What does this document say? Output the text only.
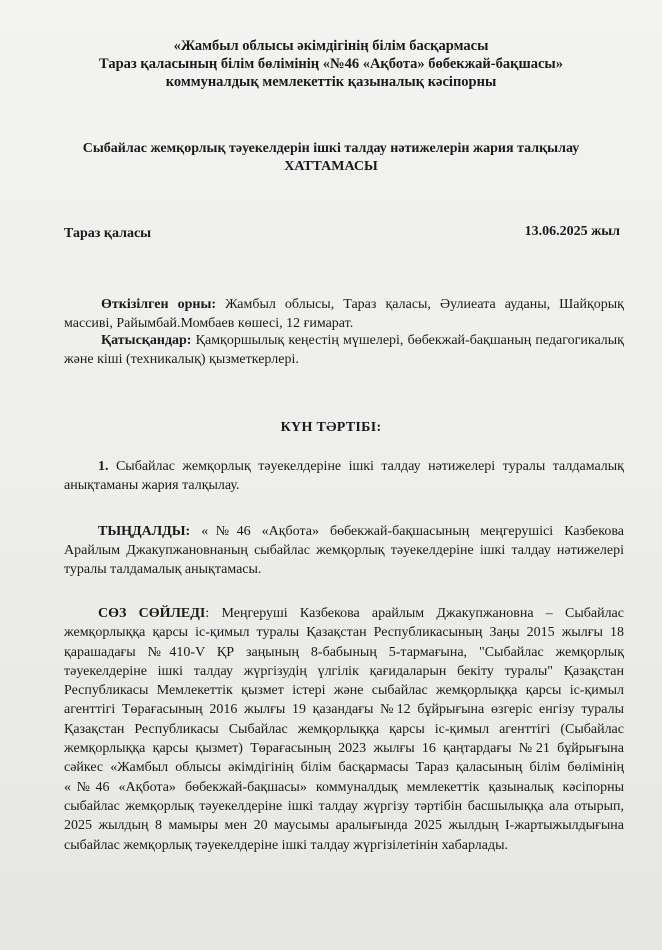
«Жамбыл облысы әкімдігінің білім басқармасы
Тараз қаласының білім бөлімінің «№46 «Ақбота» бөбекжай-бақшасы»
коммуналдық мемлекеттік қазыналық кәсіпорны
Сыбайлас жемқорлық тәуекелдерін ішкі талдау нәтижелерін жария талқылау
ХАТТАМАСЫ
Тараз қаласы	13.06.2025 жыл
Өткізілген орны: Жамбыл облысы, Тараз қаласы, Әулиеата ауданы, Шайқорық массиві, Райымбай.Момбаев көшесі, 12 ғимарат.
Қатысқандар: Қамқоршылық кеңестің мүшелері, бөбекжай-бақшаның педагогикалық және кіші (техникалық) қызметкерлері.
КҮН ТӘРТІБІ:
1. Сыбайлас жемқорлық тәуекелдеріне ішкі талдау нәтижелері туралы талдамалық анықтаманы жария талқылау.
ТЫҢДАЛДЫ: «№46 «Ақбота» бөбекжай-бақшасының меңгерушісі Казбекова Арайлым Джакупжановнаның сыбайлас жемқорлық тәуекелдеріне ішкі талдау нәтижелері туралы талдамалық анықтамасы.
СӨЗ СӨЙЛЕДІ: Меңгеруші Казбекова арайлым Джакупжановна – Сыбайлас жемқорлыққа қарсы іс-қимыл туралы Қазақстан Республикасының Заңы 2015 жылғы 18 қарашадағы №410-V ҚР заңының 8-бабының 5-тармағына, "Сыбайлас жемқорлық тәуекелдеріне ішкі талдау жүргізудің үлгілік қағидаларын бекіту туралы" Қазақстан Республикасы Мемлекеттік қызмет істері және сыбайлас жемқорлыққа қарсы іс-қимыл агенттігі Төрағасының 2016 жылғы 19 қазандағы №12 бұйрығына өзгеріс енгізу туралы Қазақстан Республикасы Сыбайлас жемқорлыққа қарсы іс-қимыл агенттігі (Сыбайлас жемқорлыққа қарсы қызмет) Төрағасының 2023 жылғы 16 қаңтардағы №21 бұйрығына сәйкес «Жамбыл облысы әкімдігінің білім басқармасы Тараз қаласының білім бөлімінің «№46 «Ақбота» бөбекжай-бақшасы» коммуналдық мемлекеттік қазыналық кәсіпорны сыбайлас жемқорлық тәуекелдеріне ішкі талдау жүргізу тәртібін басшылыққа ала отырып, 2025 жылдың 8 мамыры мен 20 маусымы аралығында 2025 жылдың І-жартыжылдығына сыбайлас жемқорлық тәуекелдеріне ішкі талдау жүргізілетінін хабарлады.
